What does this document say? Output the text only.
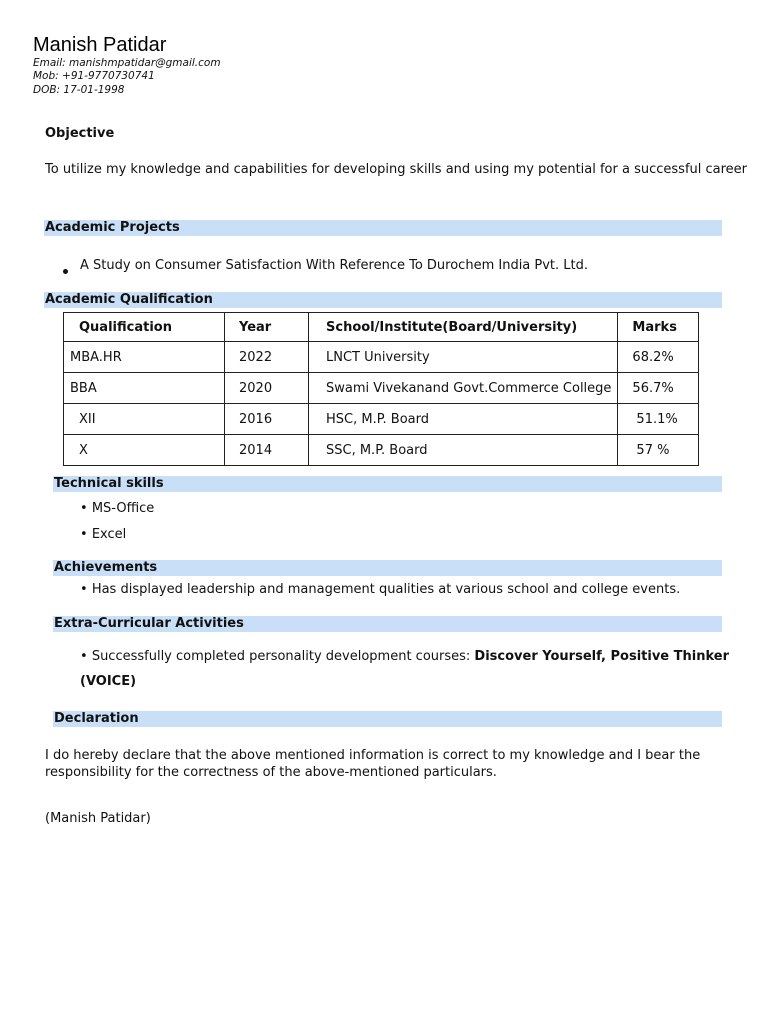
Manish Patidar
Email: manishmpatidar@gmail.com
Mob: +91-9770730741
DOB: 17-01-1998
Objective
To utilize my knowledge and capabilities for developing skills and using my potential for a successful career
Academic Projects
A Study on Consumer Satisfaction With Reference To Durochem India Pvt. Ltd.
Academic Qualification
Qualification	Year	School/Institute(Board/University)	Marks
MBA.HR	2022	LNCT University	68.2%
BBA	2020	Swami Vivekanand Govt.Commerce College	56.7%
XII	2016	HSC, M.P. Board	51.1%
X	2014	SSC, M.P. Board	57 %
Technical skills
• MS-Office
• Excel
Achievements
• Has displayed leadership and management qualities at various school and college events.
Extra-Curricular Activities
• Successfully completed personality development courses: Discover Yourself, Positive Thinker
(VOICE)
Declaration
I do hereby declare that the above mentioned information is correct to my knowledge and I bear the
responsibility for the correctness of the above-mentioned particulars.
(Manish Patidar)
